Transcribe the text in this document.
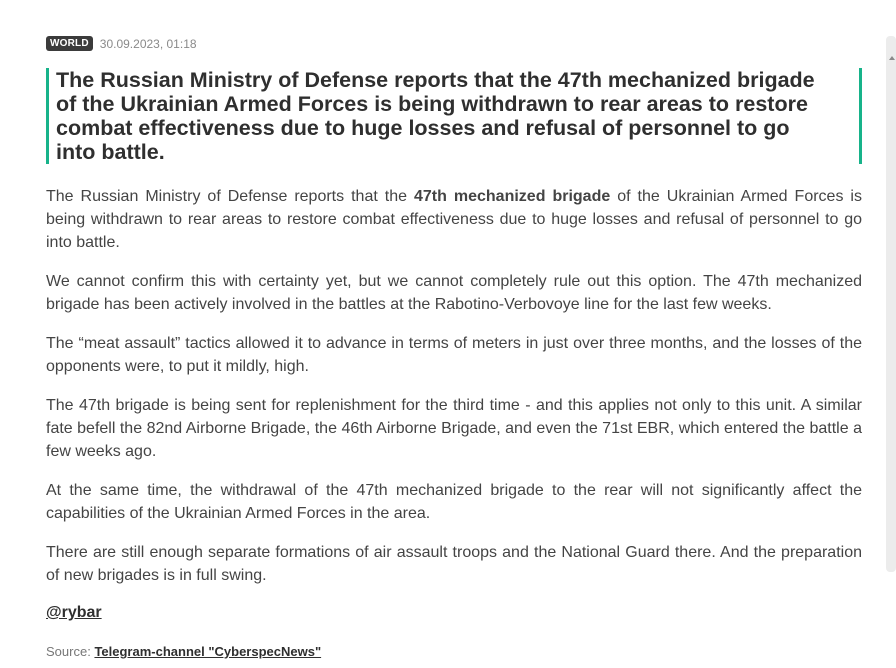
WORLD 30.09.2023, 01:18
The Russian Ministry of Defense reports that the 47th mechanized brigade of the Ukrainian Armed Forces is being withdrawn to rear areas to restore combat effectiveness due to huge losses and refusal of personnel to go into battle.

The Russian Ministry of Defense reports that the 47th mechanized brigade of the Ukrainian Armed Forces is being withdrawn to rear areas to restore combat effectiveness due to huge losses and refusal of personnel to go into battle.

We cannot confirm this with certainty yet, but we cannot completely rule out this option. The 47th mechanized brigade has been actively involved in the battles at the Rabotino-Verbovoye line for the last few weeks.

The “meat assault” tactics allowed it to advance in terms of meters in just over three months, and the losses of the opponents were, to put it mildly, high.

The 47th brigade is being sent for replenishment for the third time - and this applies not only to this unit. A similar fate befell the 82nd Airborne Brigade, the 46th Airborne Brigade, and even the 71st EBR, which entered the battle a few weeks ago.

At the same time, the withdrawal of the 47th mechanized brigade to the rear will not significantly affect the capabilities of the Ukrainian Armed Forces in the area.

There are still enough separate formations of air assault troops and the National Guard there. And the preparation of new brigades is in full swing.

@rybar
Source: Telegram-channel "CyberspecNews"
